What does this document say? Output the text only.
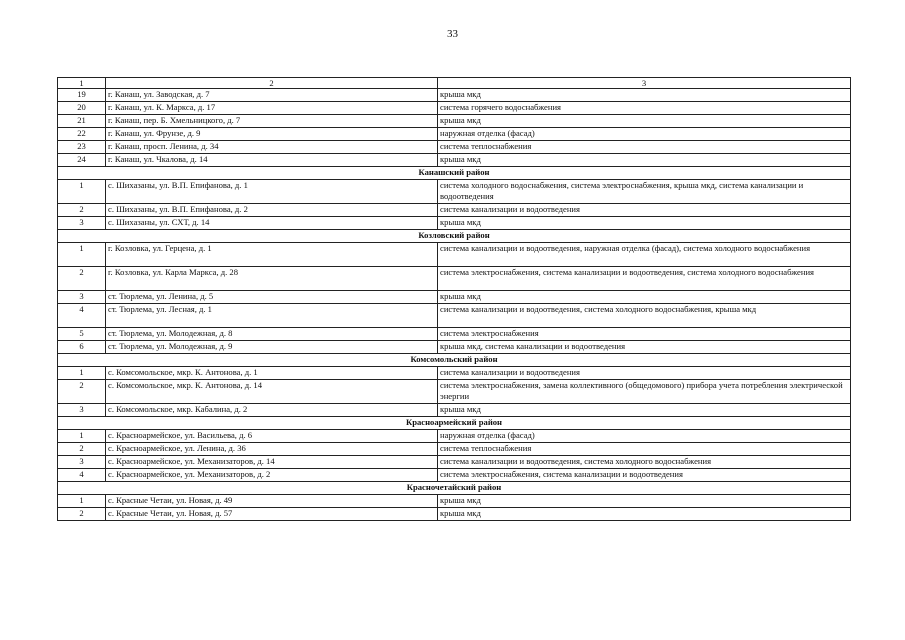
33
1	2	3
19	г. Канаш, ул. Заводская, д. 7	крыша мкд
20	г. Канаш, ул. К. Маркса, д. 17	система горячего водоснабжения
21	г. Канаш, пер. Б. Хмельницкого, д. 7	крыша мкд
22	г. Канаш, ул. Фрунзе, д. 9	наружная отделка (фасад)
23	г. Канаш, просп. Ленина, д. 34	система теплоснабжения
24	г. Канаш, ул. Чкалова, д. 14	крыша мкд
Канашский район		
1	с. Шихазаны, ул. В.П. Епифанова, д. 1	система холодного водоснабжения, система электроснабжения, крыша мкд, система канализации и водоотведения
2	с. Шихазаны, ул. В.П. Епифанова, д. 2	система канализации и водоотведения
3	с. Шихазаны, ул. СХТ, д. 14	крыша мкд
Козловский район		
1	г. Козловка, ул. Герцена, д. 1	система канализации и водоотведения, наружная отделка (фасад), система холодного водоснабжения
2	г. Козловка, ул. Карла Маркса, д. 28	система электроснабжения, система канализации и водоотведения, система холодного водоснабжения
3	ст. Тюрлема, ул. Ленина, д. 5	крыша мкд
4	ст. Тюрлема, ул. Лесная, д. 1	система канализации и водоотведения, система холодного водоснабжения, крыша мкд
5	ст. Тюрлема, ул. Молодежная, д. 8	система электроснабжения
6	ст. Тюрлема, ул. Молодежная, д. 9	крыша мкд, система канализации и водоотведения
Комсомольский район		
1	с. Комсомольское, мкр. К. Антонова, д. 1	система канализации и водоотведения
2	с. Комсомольское, мкр. К. Антонова, д. 14	система электроснабжения, замена коллективного (общедомового) прибора учета потребления электрической энергии
3	с. Комсомольское, мкр. Кабалина, д. 2	крыша мкд
Красноармейский район		
1	с. Красноармейское, ул. Васильева, д. 6	наружная отделка (фасад)
2	с. Красноармейское, ул. Ленина, д. 36	система теплоснабжения
3	с. Красноармейское, ул. Механизаторов, д. 14	система канализации и водоотведения, система холодного водоснабжения
4	с. Красноармейское, ул. Механизаторов, д. 2	система электроснабжения, система канализации и водоотведения
Красночетайский район		
1	с. Красные Четаи, ул. Новая, д. 49	крыша мкд
2	с. Красные Четаи, ул. Новая, д. 57	крыша мкд
